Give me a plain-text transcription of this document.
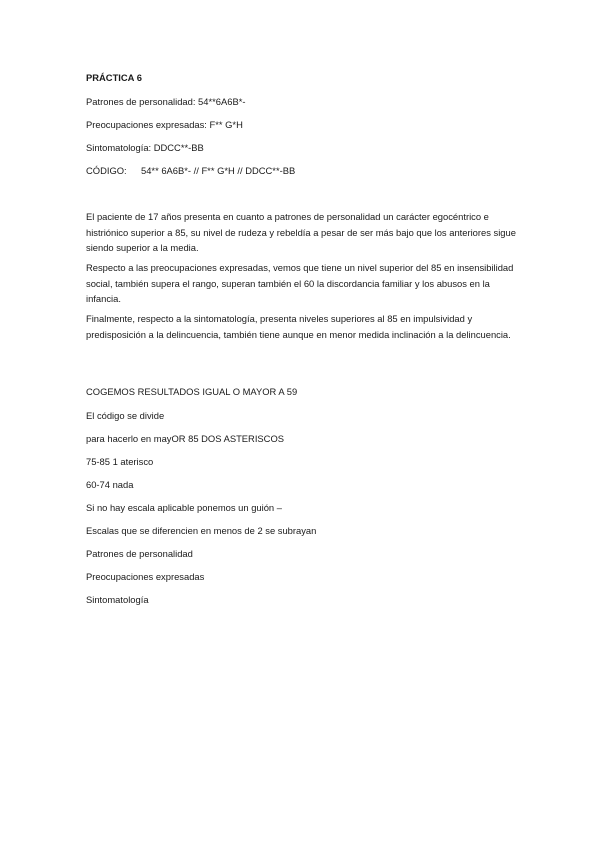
PRÁCTICA 6
Patrones de personalidad: 54**6A6B*-
Preocupaciones expresadas: F** G*H
Sintomatología: DDCC**-BB
CÓDIGO: 54** 6A6B*- // F** G*H // DDCC**-BB
El paciente de 17 años presenta en cuanto a patrones de personalidad un carácter egocéntrico e histriónico superior a 85, su nivel de rudeza y rebeldía a pesar de ser más bajo que los anteriores sigue siendo superior a la media.
Respecto a las preocupaciones expresadas, vemos que tiene un nivel superior del 85 en insensibilidad social, también supera el rango, superan también el 60 la discordancia familiar y los abusos en la infancia.
Finalmente, respecto a la sintomatología, presenta niveles superiores al 85 en impulsividad y predisposición a la delincuencia, también tiene aunque en menor medida inclinación a la delincuencia.
COGEMOS RESULTADOS IGUAL O MAYOR A 59
El código se divide
para hacerlo en mayOR 85 DOS ASTERISCOS
75-85 1 aterisco
60-74 nada
Si no hay escala aplicable ponemos un guión –
Escalas que se diferencien en menos de 2 se subrayan
Patrones de personalidad
Preocupaciones expresadas
Sintomatología
